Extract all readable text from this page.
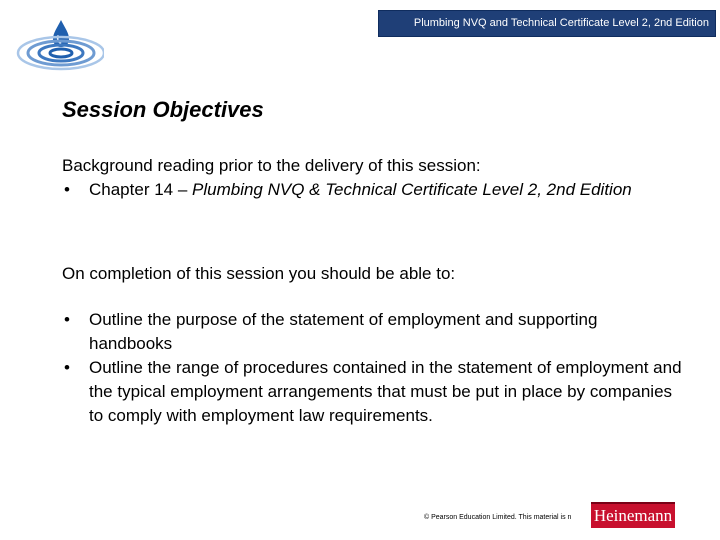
Plumbing NVQ and Technical Certificate Level 2, 2nd Edition
Session Objectives
Background reading prior to the delivery of this session:
• Chapter 14 – Plumbing NVQ & Technical Certificate Level 2, 2nd Edition
On completion of this session you should be able to:
• Outline the purpose of the statement of employment and supporting handbooks
• Outline the range of procedures contained in the statement of employment and the typical employment arrangements that must be put in place by companies to comply with employment law requirements.
© Pearson Education Limited. This material is n	Heinemann
